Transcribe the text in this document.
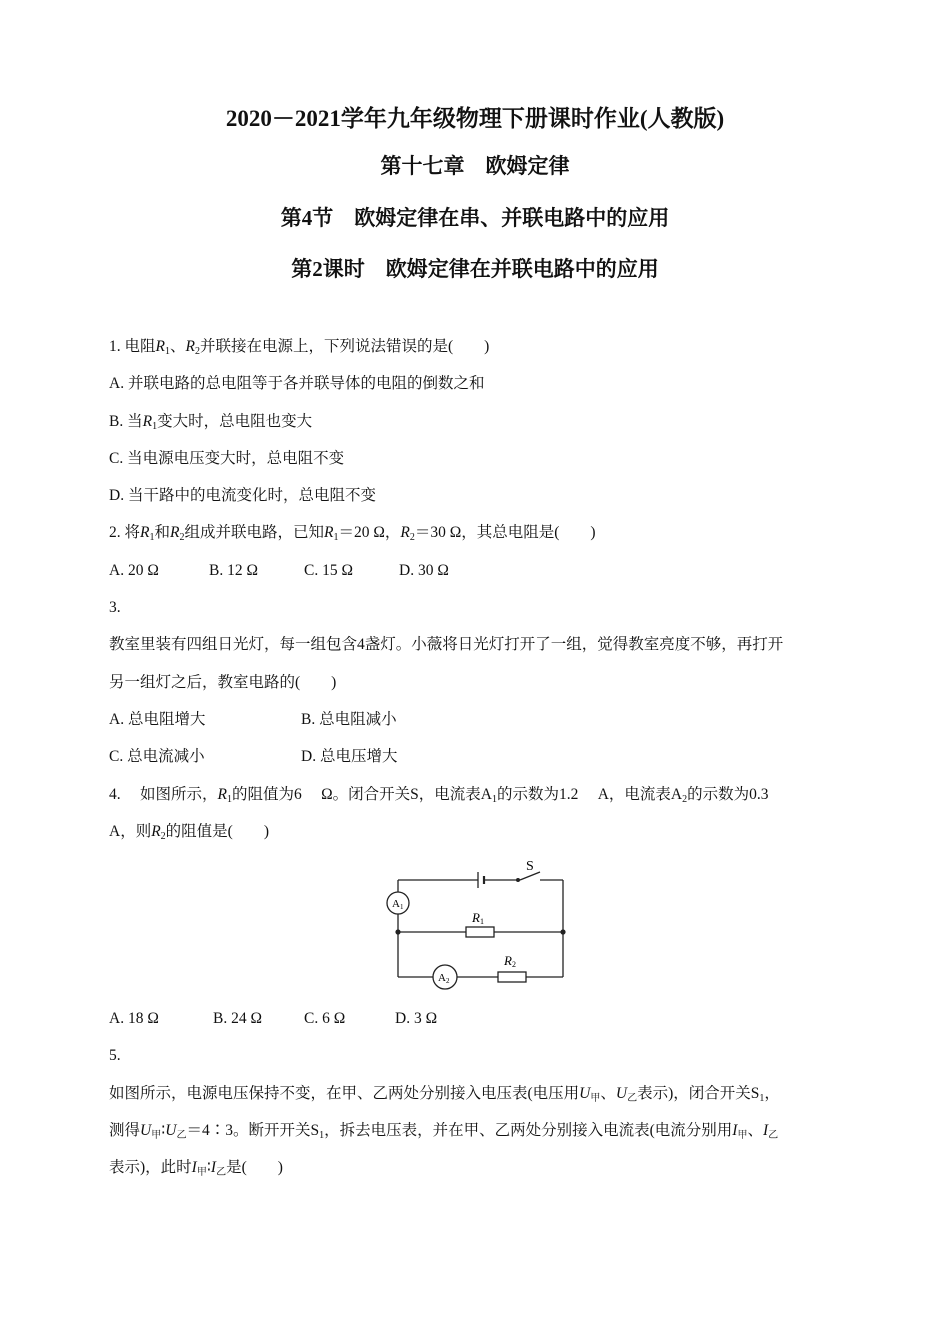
2020－2021学年九年级物理下册课时作业(人教版)
第十七章　欧姆定律
第4节　欧姆定律在串、并联电路中的应用
第2课时　欧姆定律在并联电路中的应用
1. 电阻$R_1$、$R_2$并联接在电源上，下列说法错误的是(　　)
A. 并联电路的总电阻等于各并联导体的电阻的倒数之和
B. 当$R_1$变大时，总电阻也变大
C. 当电源电压变大时，总电阻不变
D. 当干路中的电流变化时，总电阻不变
2. 将$R_1$和$R_2$组成并联电路，已知$R_1=20$ Ω，$R_2=30$ Ω，其总电阻是(　　)
A. 20 Ω	B. 12 Ω	C. 15 Ω	D. 30 Ω
3.
教室里装有四组日光灯，每一组包含4盏灯。小薇将日光灯打开了一组，觉得教室亮度不够，再打开
另一组灯之后，教室电路的(　　)
A. 总电阻增大	B. 总电阻减小
C. 总电流减小	D. 总电压增大
4.　 如图所示，$R_1$的阻值为6　 Ω。闭合开关S，电流表$A_1$的示数为1.2　 A，电流表$A_2$的示数为0.3
A，则$R_2$的阻值是(　　)
S
A1
R1
R2
A2
A. 18 Ω	B. 24 Ω	C. 6 Ω	D. 3 Ω
5.
如图所示，电源电压保持不变，在甲、乙两处分别接入电压表(电压用$U_甲$、$U_乙$表示)，闭合开关$S_1$，
测得$U_甲∶U_乙=4∶3$。断开开关$S_1$，拆去电压表，并在甲、乙两处分别接入电流表(电流分别用$I_甲$、$I_乙$
表示)，此时$I_甲∶I_乙$是(　　)
